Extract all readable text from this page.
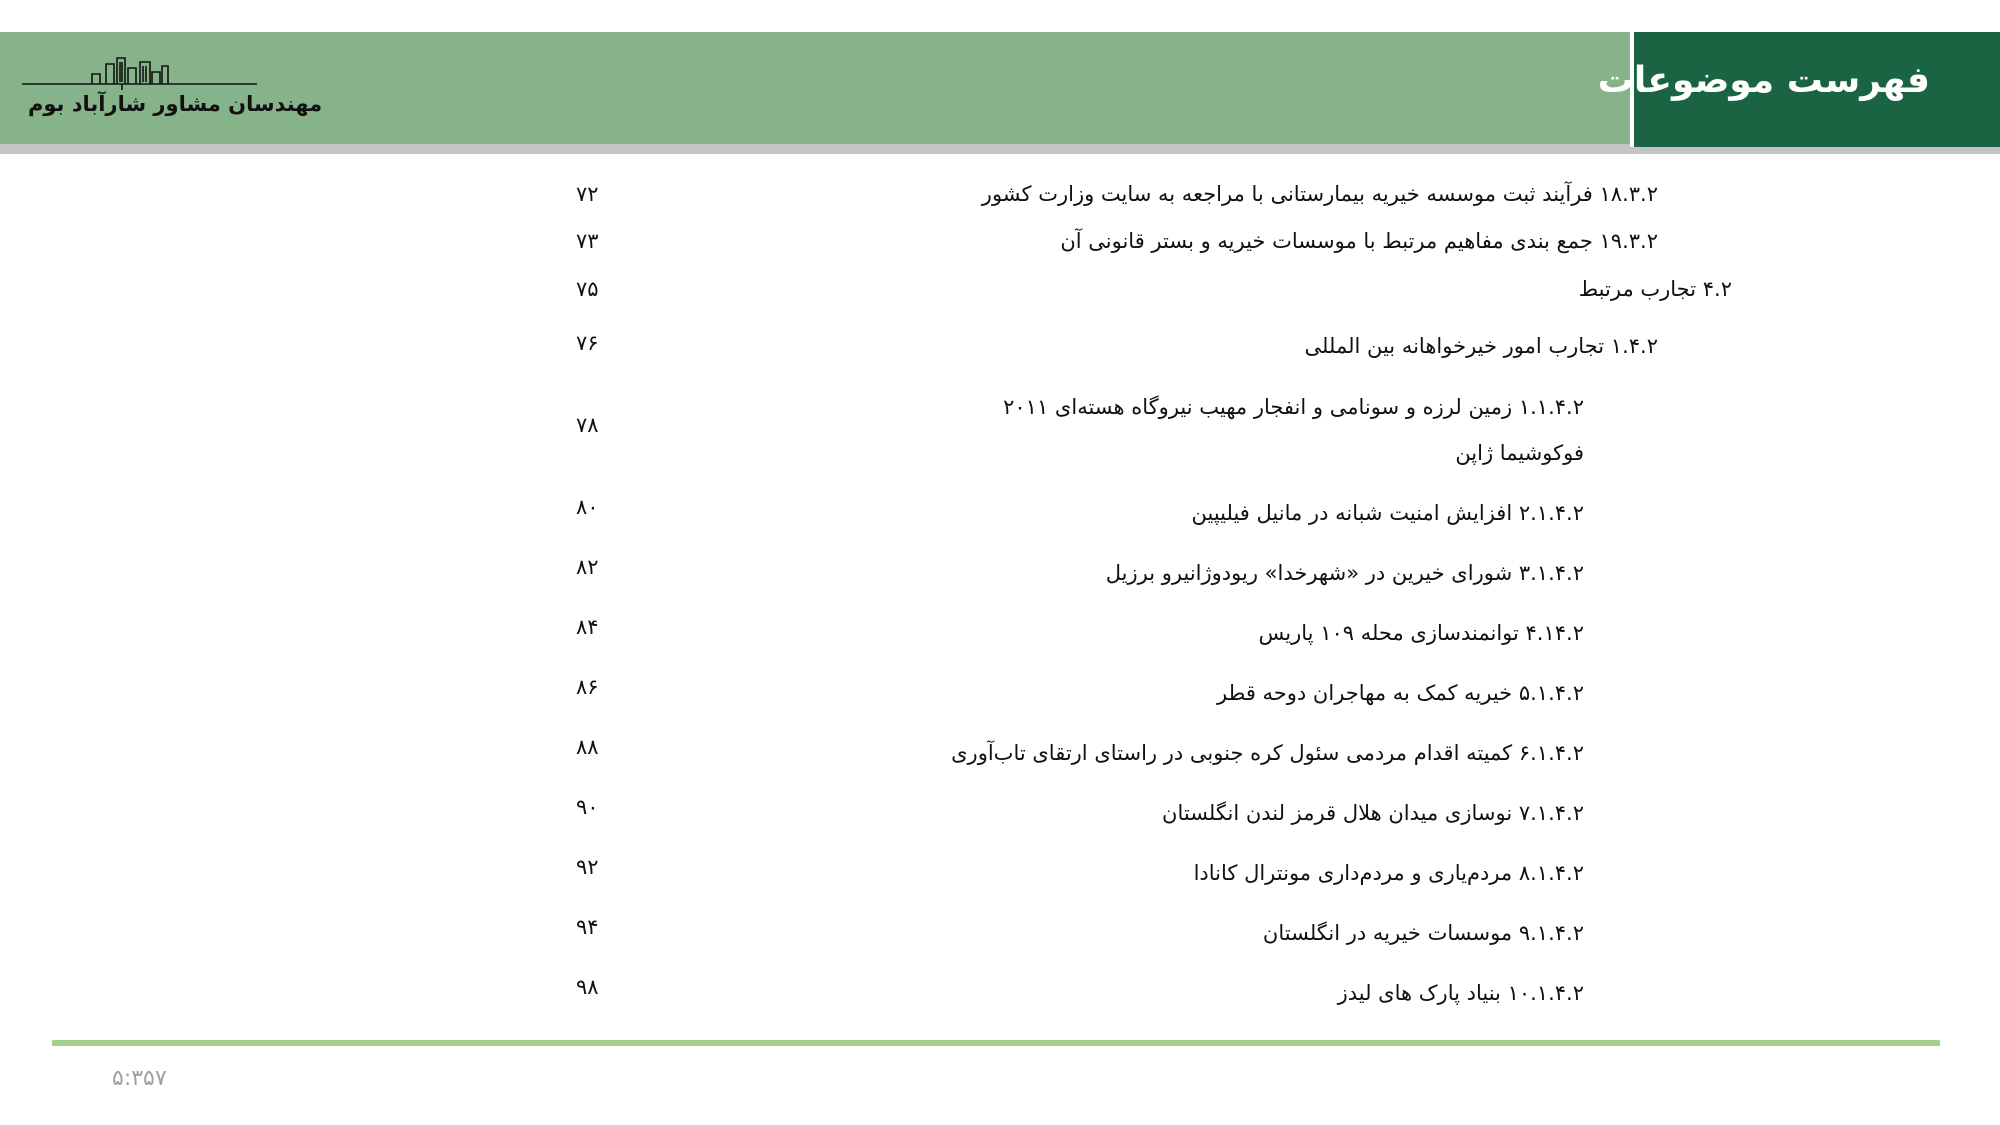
فهرست موضوعات
مهندسان مشاور شارآباد بوم
۱۸.۳.۲ فرآیند ثبت موسسه خیریه بیمارستانی با مراجعه به سایت وزارت کشور
۷۲
۱۹.۳.۲ جمع بندی مفاهیم مرتبط با موسسات خیریه و بستر قانونی آن
۷۳
۴.۲ تجارب مرتبط
۷۵
۱.۴.۲ تجارب امور خیرخواهانه بین المللی
۷۶
۱.۱.۴.۲ زمین لرزه و سونامی و انفجار مهیب نیروگاه هسته‌ای ۲۰۱۱
فوکوشیما ژاپن
۷۸
۲.۱.۴.۲ افزایش امنیت شبانه در مانیل فیلیپین
۸۰
۳.۱.۴.۲ شورای خیرین در «شهرخدا» ریودوژانیرو برزیل
۸۲
۴.۱۴.۲ توانمندسازی محله ۱۰۹ پاریس
۸۴
۵.۱.۴.۲ خیریه کمک به مهاجران دوحه قطر
۸۶
۶.۱.۴.۲ کمیته اقدام مردمی سئول کره جنوبی در راستای ارتقای تاب‌آوری
۸۸
۷.۱.۴.۲ نوسازی میدان هلال قرمز لندن انگلستان
۹۰
۸.۱.۴.۲ مردم‌یاری و مردم‌داری مونترال کانادا
۹۲
۹.۱.۴.۲ موسسات خیریه در انگلستان
۹۴
۱۰.۱.۴.۲ بنیاد پارک های لیدز
۹۸
۵:۳۵۷
